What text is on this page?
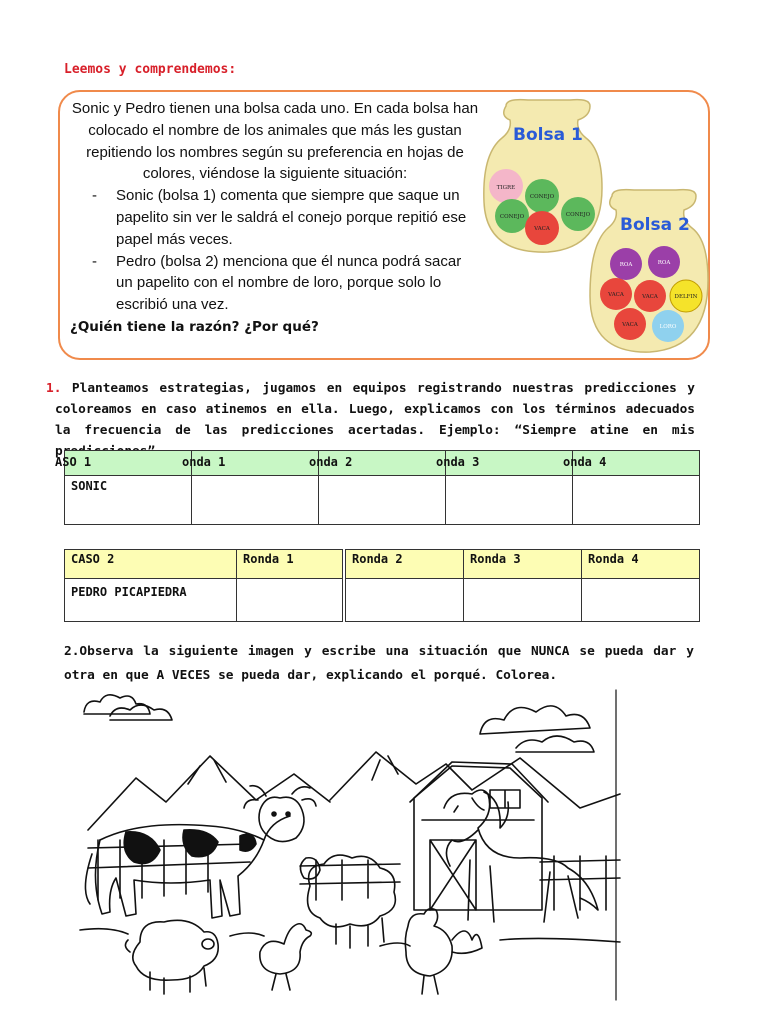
Leemos y comprendemos:

Sonic y Pedro tienen una bolsa cada uno. En cada bolsa han colocado el nombre de los animales que más les gustan repitiendo los nombres según su preferencia en hojas de colores, viéndose la siguiente situación:

- Sonic (bolsa 1) comenta que siempre que saque un papelito sin ver le saldrá el conejo porque repitió ese papel más veces.
- Pedro (bolsa 2) menciona que él nunca podrá sacar un papelito con el nombre de loro, porque solo lo escribió una vez.
¿Quién tiene la razón? ¿Por qué?
Bolsa 1
TIGRE
CONEJO
CONEJO	CONEJO
VACA	Bolsa 2
ROA	ROA
VACA	VACA	DELFIN
VACA	LORO
1. Planteamos estrategias, jugamos en equipos registrando nuestras predicciones y coloreamos en caso atinemos en ella. Luego, explicamos con los términos adecuados la frecuencia de las predicciones acertadas. Ejemplo: “Siempre atine en mis
ASO 1	onda 1	onda 2	onda 3	onda 4
SONIC				
CASO 2	Ronda 1		Ronda 2	Ronda 3	Ronda 4
PEDRO PICAPIEDRA					
2.Observa la siguiente imagen y escribe una situación que NUNCA se pueda dar y otra en que A VECES se pueda dar, explicando el porqué. Colorea.
